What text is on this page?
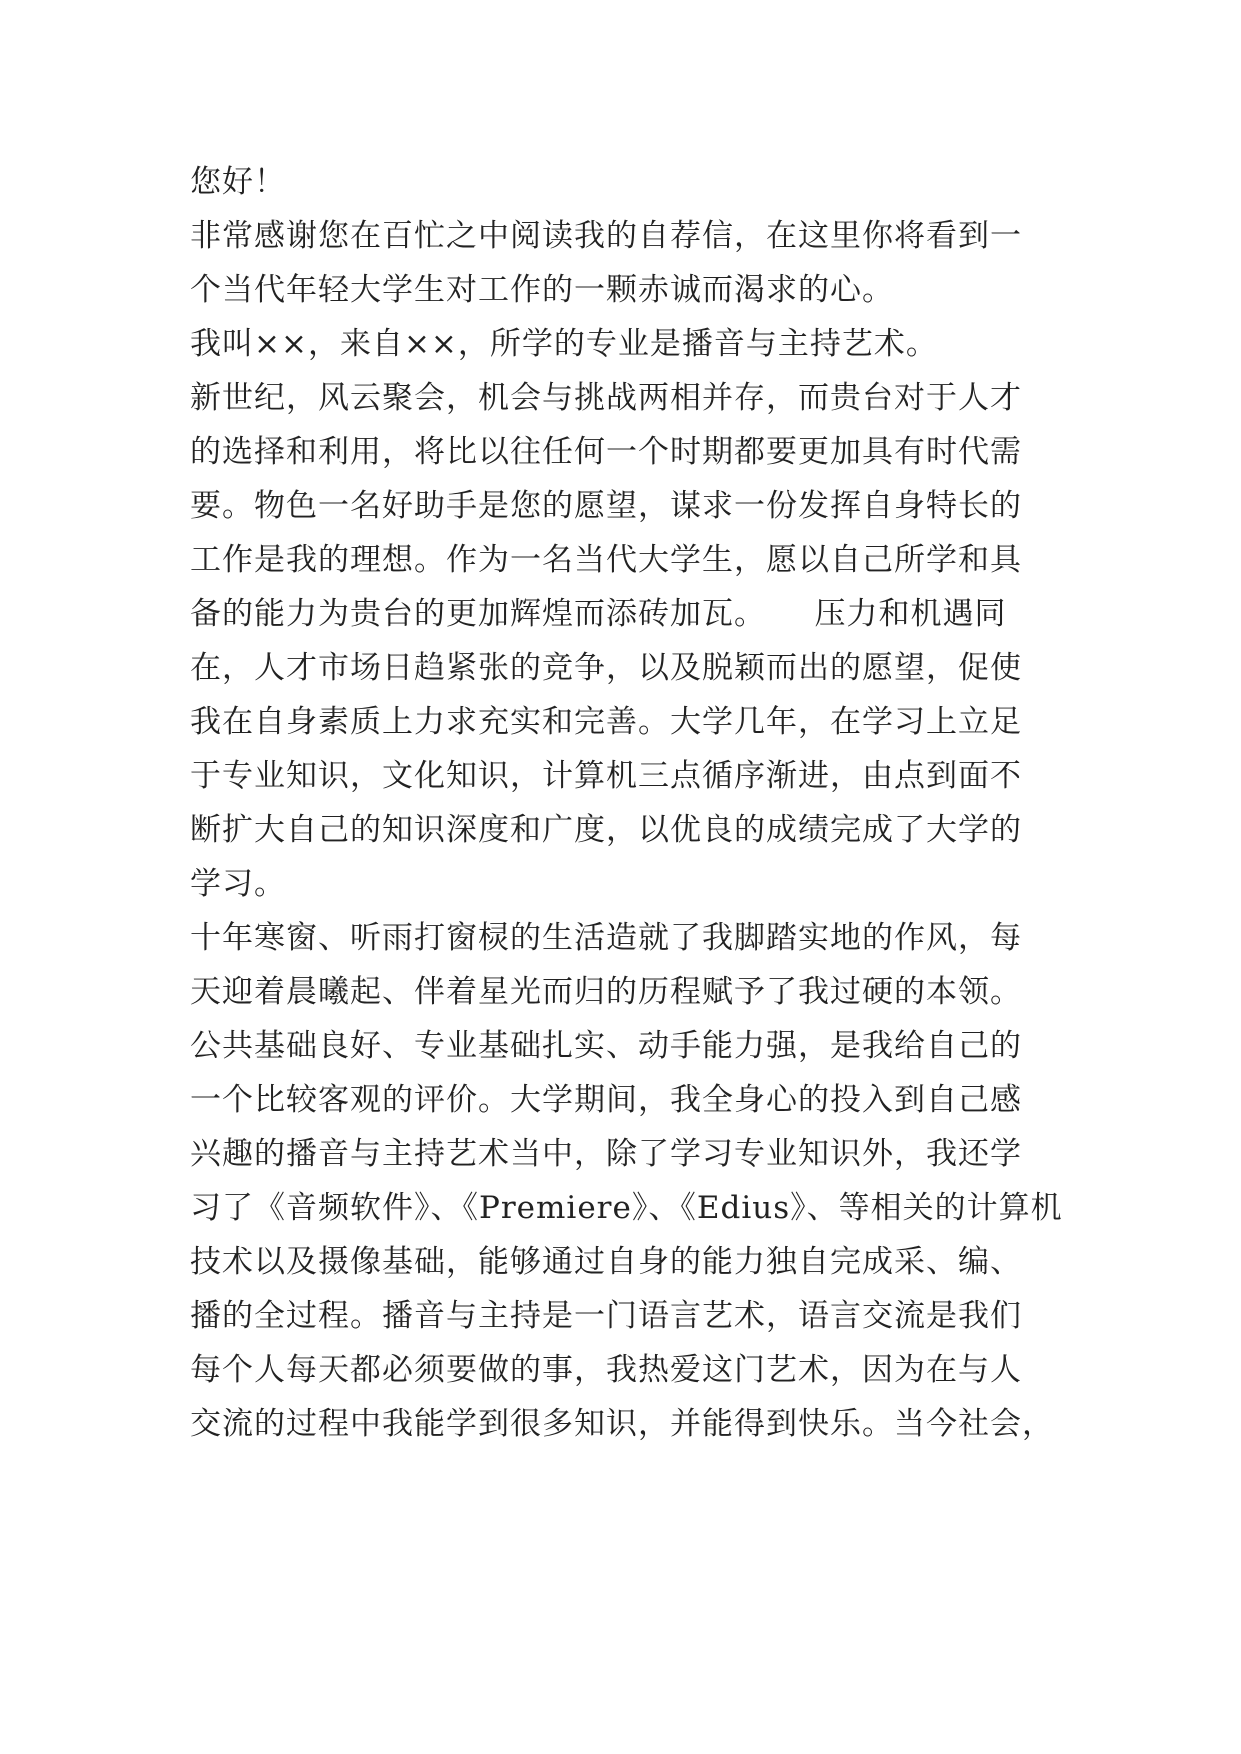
您好！
非常感谢您在百忙之中阅读我的自荐信，在这里你将看到一
个当代年轻大学生对工作的一颗赤诚而渴求的心。
我叫××，来自××，所学的专业是播音与主持艺术。
新世纪，风云聚会，机会与挑战两相并存，而贵台对于人才
的选择和利用，将比以往任何一个时期都要更加具有时代需
要。物色一名好助手是您的愿望，谋求一份发挥自身特长的
工作是我的理想。作为一名当代大学生，愿以自己所学和具
备的能力为贵台的更加辉煌而添砖加瓦。　　压力和机遇同
在，人才市场日趋紧张的竞争，以及脱颖而出的愿望，促使
我在自身素质上力求充实和完善。大学几年，在学习上立足
于专业知识，文化知识，计算机三点循序渐进，由点到面不
断扩大自己的知识深度和广度，以优良的成绩完成了大学的
学习。
十年寒窗、听雨打窗棂的生活造就了我脚踏实地的作风，每
天迎着晨曦起、伴着星光而归的历程赋予了我过硬的本领。
公共基础良好、专业基础扎实、动手能力强，是我给自己的
一个比较客观的评价。大学期间，我全身心的投入到自己感
兴趣的播音与主持艺术当中，除了学习专业知识外，我还学
习了《音频软件》、《Premiere》、《Edius》、等相关的计算机
技术以及摄像基础，能够通过自身的能力独自完成采、编、
播的全过程。播音与主持是一门语言艺术，语言交流是我们
每个人每天都必须要做的事，我热爱这门艺术，因为在与人
交流的过程中我能学到很多知识，并能得到快乐。当今社会，
